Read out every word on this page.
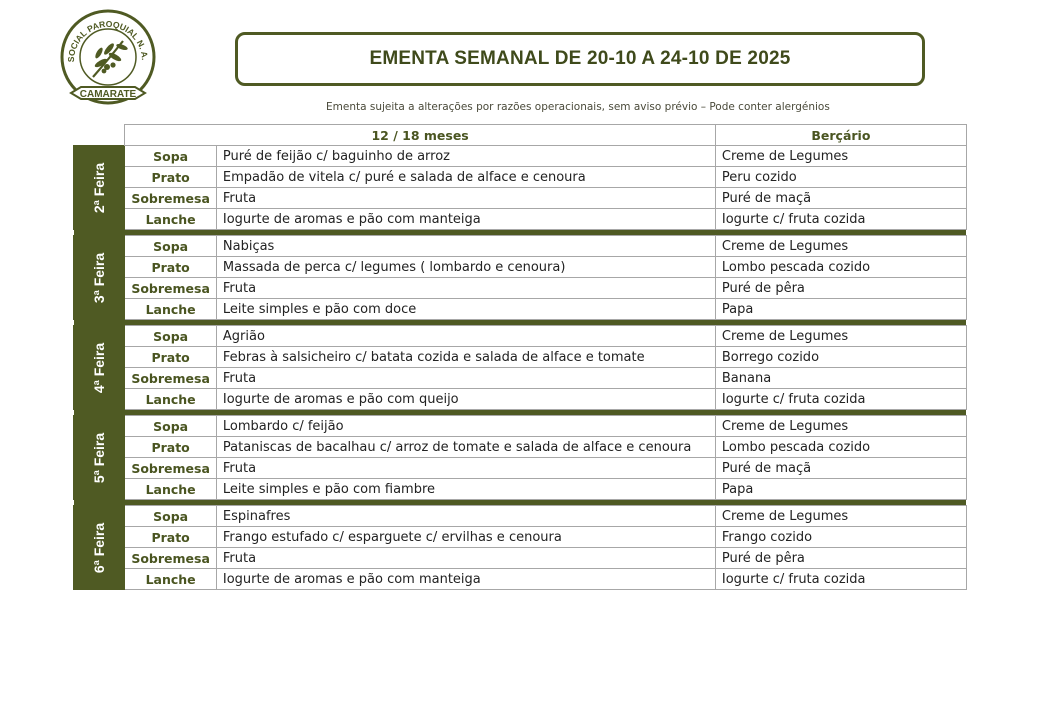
SOCIAL PAROQUIAL N. A.
CAMARATE
EMENTA SEMANAL DE 20-10 A 24-10 DE 2025
Ementa sujeita a alterações por razões operacionais, sem aviso prévio – Pode conter alergénios
	12 / 18 meses		Berçário

2ª Feira	Sopa	Puré de feijão c/ baguinho de arroz	Creme de Legumes
	Prato	Empadão de vitela c/ puré e salada de alface e cenoura	Peru cozido
	Sobremesa	Fruta	Puré de maçã
	Lanche	Iogurte de aromas e pão com manteiga	Iogurte c/ fruta cozida

3ª Feira	Sopa	Nabiças	Creme de Legumes
	Prato	Massada de perca c/ legumes ( lombardo e cenoura)	Lombo pescada cozido
	Sobremesa	Fruta	Puré de pêra
	Lanche	Leite simples e pão com doce	Papa

4ª Feira	Sopa	Agrião	Creme de Legumes
	Prato	Febras à salsicheiro c/ batata cozida e salada de alface e tomate	Borrego cozido
	Sobremesa	Fruta	Banana
	Lanche	Iogurte de aromas e pão com queijo	Iogurte c/ fruta cozida

5ª Feira	Sopa	Lombardo c/ feijão	Creme de Legumes
	Prato	Pataniscas de bacalhau c/ arroz de tomate e salada de alface e cenoura	Lombo pescada cozido
	Sobremesa	Fruta	Puré de maçã
	Lanche	Leite simples e pão com fiambre	Papa

6ª Feira	Sopa	Espinafres	Creme de Legumes
	Prato	Frango estufado c/ esparguete c/ ervilhas e cenoura	Frango cozido
	Sobremesa	Fruta	Puré de pêra
	Lanche	Iogurte de aromas e pão com manteiga	Iogurte c/ fruta cozida
